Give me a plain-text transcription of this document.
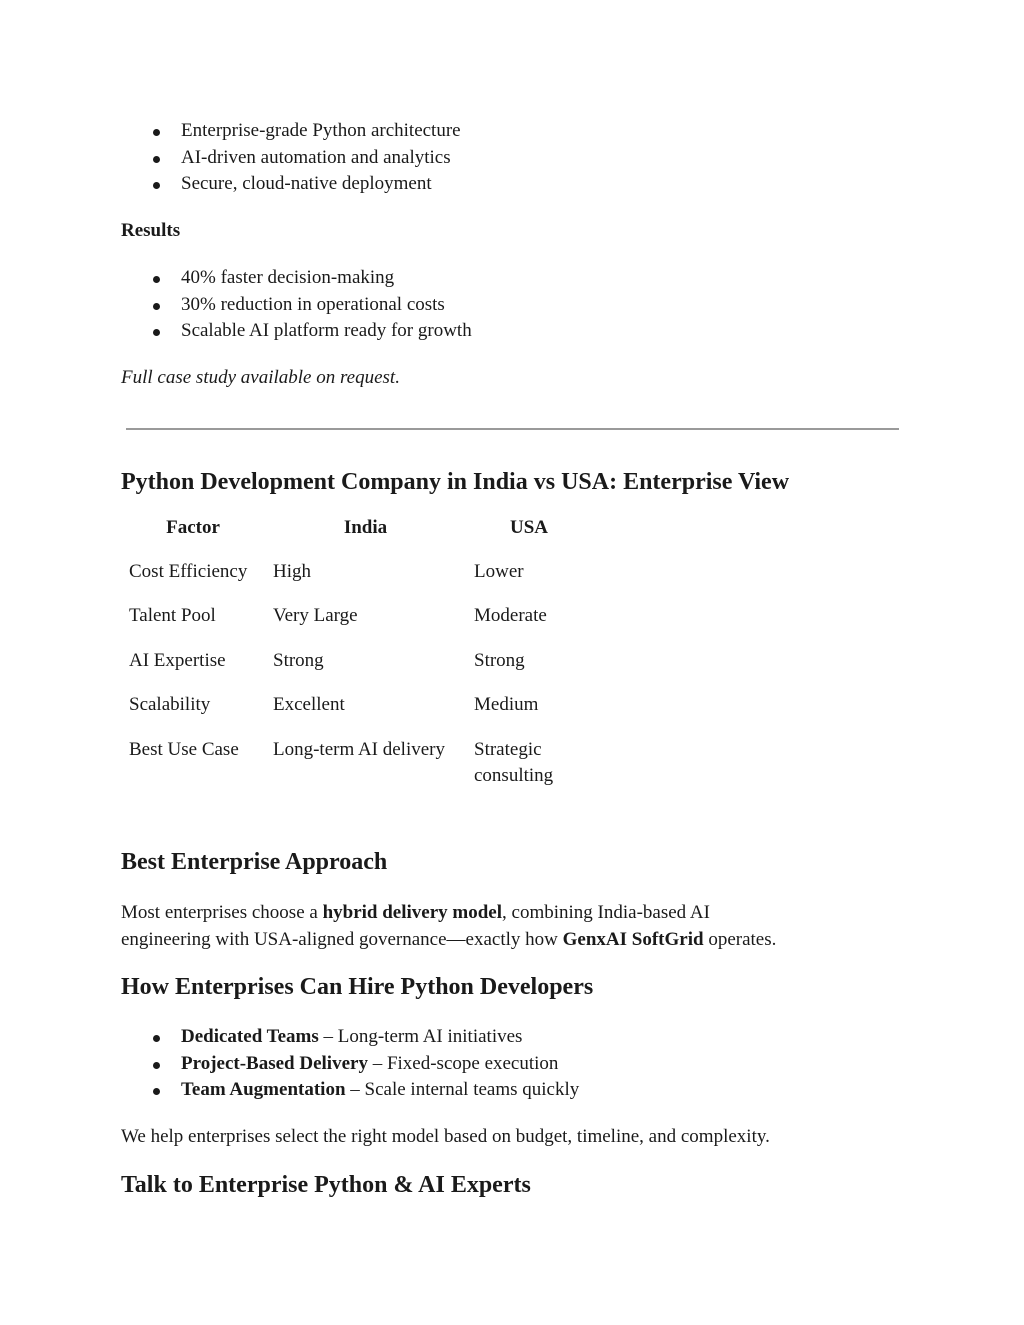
Enterprise-grade Python architecture
AI-driven automation and analytics
Secure, cloud-native deployment
Results
40% faster decision-making
30% reduction in operational costs
Scalable AI platform ready for growth
Full case study available on request.
Python Development Company in India vs USA: Enterprise View
Factor	India	USA
Cost Efficiency	High	Lower
Talent Pool	Very Large	Moderate
AI Expertise	Strong	Strong
Scalability	Excellent	Medium
Best Use Case	Long-term AI delivery	Strategic consulting
Best Enterprise Approach
Most enterprises choose a hybrid delivery model, combining India-based AI
engineering with USA-aligned governance—exactly how GenxAI SoftGrid operates.
How Enterprises Can Hire Python Developers
Dedicated Teams – Long-term AI initiatives
Project-Based Delivery – Fixed-scope execution
Team Augmentation – Scale internal teams quickly
We help enterprises select the right model based on budget, timeline, and complexity.
Talk to Enterprise Python & AI Experts
